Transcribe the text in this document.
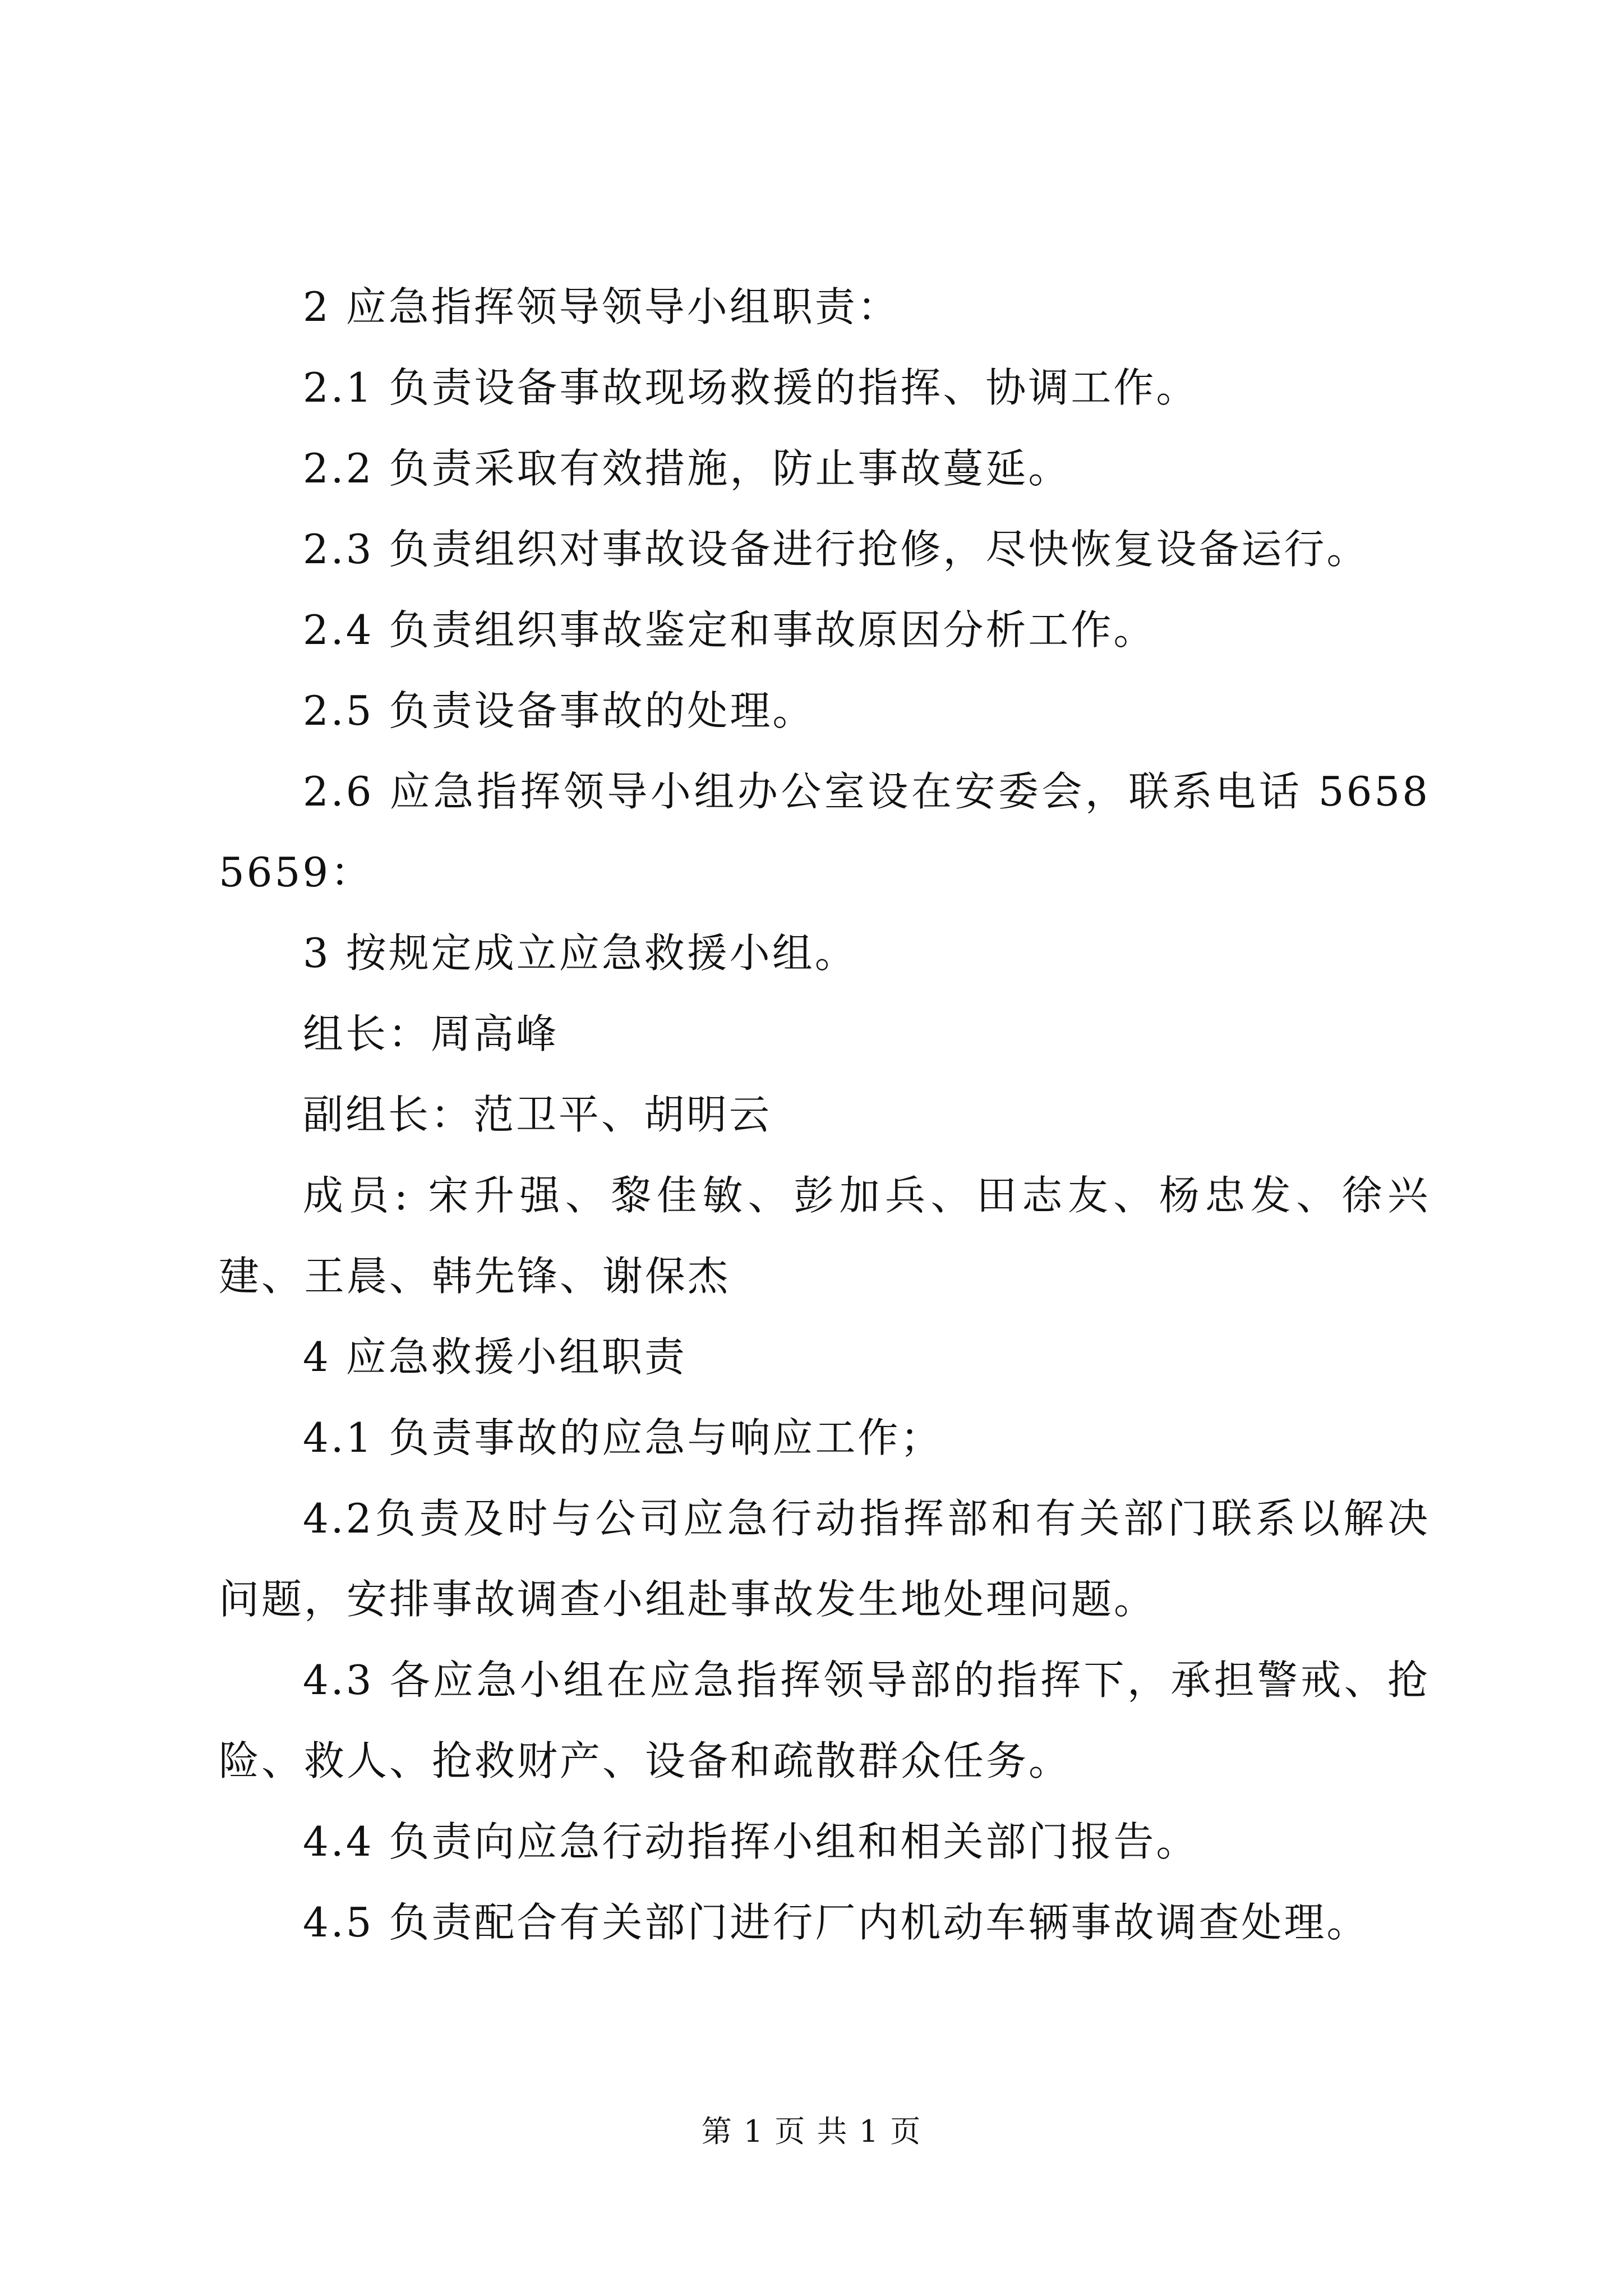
2 应急指挥领导领导小组职责：

2.1 负责设备事故现场救援的指挥、协调工作。

2.2 负责采取有效措施，防止事故蔓延。

2.3 负责组织对事故设备进行抢修，尽快恢复设备运行。

2.4 负责组织事故鉴定和事故原因分析工作。

2.5 负责设备事故的处理。

2.6 应急指挥领导小组办公室设在安委会，联系电话 56585659：

3 按规定成立应急救援小组。

组长：周高峰

副组长：范卫平、胡明云

成员: 宋升强、黎佳敏、彭加兵、田志友、杨忠发、徐兴建、王晨、韩先锋、谢保杰

4 应急救援小组职责

4.1 负责事故的应急与响应工作；

4.2负责及时与公司应急行动指挥部和有关部门联系以解决问题，安排事故调查小组赴事故发生地处理问题。

4.3 各应急小组在应急指挥领导部的指挥下，承担警戒、抢险、救人、抢救财产、设备和疏散群众任务。

4.4 负责向应急行动指挥小组和相关部门报告。

4.5 负责配合有关部门进行厂内机动车辆事故调查处理。

第 1 页 共 1 页
